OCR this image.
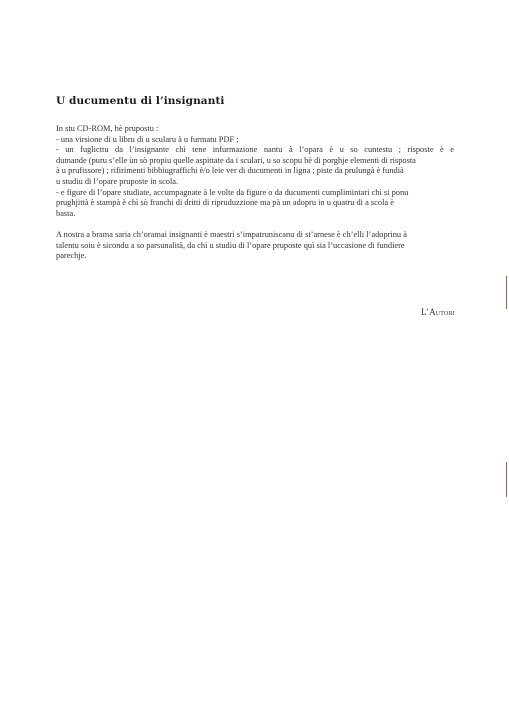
U ducumentu di l’insignanti
In stu CD-ROM, hè prupostu :
- una virsione di u libru di u scularu à u furmatu PDF ;
- un fuglicttu da l’insignante chì tene infurmazione nantu à l’opara è u so cuntestu ; risposte è e
dumande (puru s’elle ùn sò propiu quelle aspittate da i sculari, u so scopu hè di porghje elementi di risposta
à u prufissore) ; rifirimenti bibbiugraffichi è/o leie ver di ducumenti in ligna ; piste da prulungà è fundià
u studiu di l’opare pruposte in scola.
- e figure di l’opare studiate, accumpagnate à le volte da figure o da ducumenti cumplimintari chì si ponu
prughjittà è stampà è chì sò franchi di dritti di ripruduzzione ma pà un adopru in u quatru di a scola è
basta.
A nostra a brama saria ch’oramai insignanti è maestri s’impatruniscanu di st’arnese è ch’elli l’adoprinu à
talentu soiu è sicondu a so parsunalità, da chì u studiu di l’opare pruposte quì sia l’uccasione di fundiere
parechje.
L’Autori
